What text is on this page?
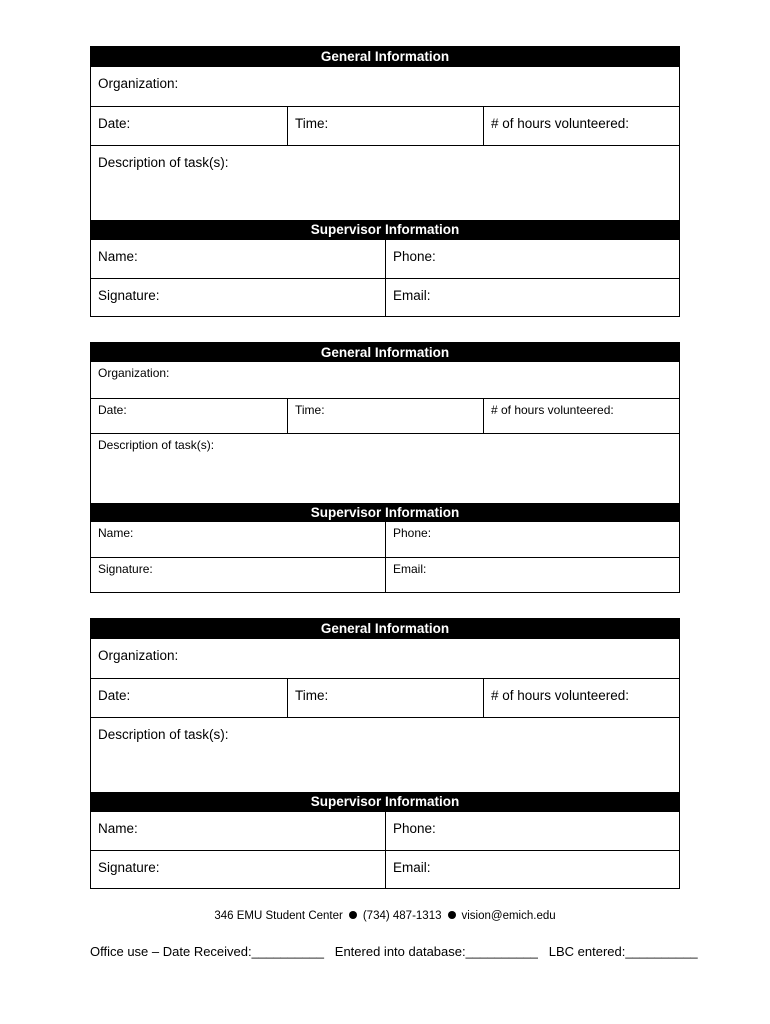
General Information
Organization:
Date:	Time:	# of hours volunteered:
Description of task(s):
Supervisor Information
Name:	Phone:
Signature:	Email:
General Information
Organization:
Date:	Time:	# of hours volunteered:
Description of task(s):
Supervisor Information
Name:	Phone:
Signature:	Email:
General Information
Organization:
Date:	Time:	# of hours volunteered:
Description of task(s):
Supervisor Information
Name:	Phone:
Signature:	Email:
346 EMU Student Center (734) 487-1313 vision@emich.edu
Office use – Date Received:__________ Entered into database:__________ LBC entered:__________
